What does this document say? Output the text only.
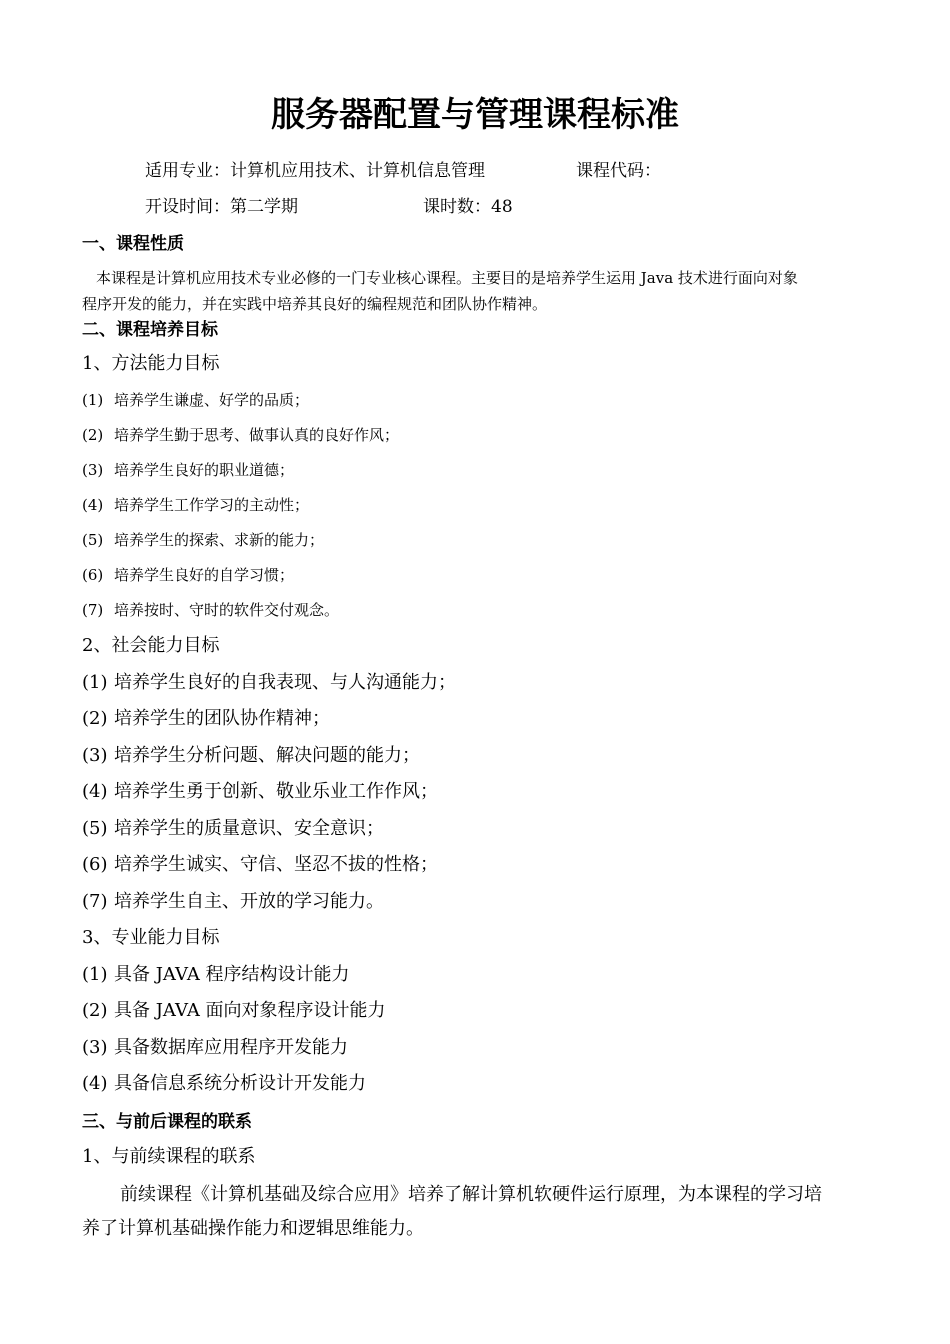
服务器配置与管理课程标准
适用专业：计算机应用技术、计算机信息管理	课程代码：
开设时间：第二学期	课时数：48
一、课程性质
本课程是计算机应用技术专业必修的一门专业核心课程。主要目的是培养学生运用 Java 技术进行面向对象
程序开发的能力，并在实践中培养其良好的编程规范和团队协作精神。
二、课程培养目标
1、方法能力目标
(1) 培养学生谦虚、好学的品质；
(2) 培养学生勤于思考、做事认真的良好作风；
(3) 培养学生良好的职业道德；
(4) 培养学生工作学习的主动性；
(5) 培养学生的探索、求新的能力；
(6) 培养学生良好的自学习惯；
(7) 培养按时、守时的软件交付观念。
2、社会能力目标
(1) 培养学生良好的自我表现、与人沟通能力；
(2) 培养学生的团队协作精神；
(3) 培养学生分析问题、解决问题的能力；
(4) 培养学生勇于创新、敬业乐业工作作风；
(5) 培养学生的质量意识、安全意识；
(6) 培养学生诚实、守信、坚忍不拔的性格；
(7) 培养学生自主、开放的学习能力。
3、专业能力目标
(1) 具备 JAVA 程序结构设计能力
(2) 具备 JAVA 面向对象程序设计能力
(3) 具备数据库应用程序开发能力
(4) 具备信息系统分析设计开发能力
三、与前后课程的联系
1、与前续课程的联系
前续课程《计算机基础及综合应用》培养了解计算机软硬件运行原理，为本课程的学习培
养了计算机基础操作能力和逻辑思维能力。
